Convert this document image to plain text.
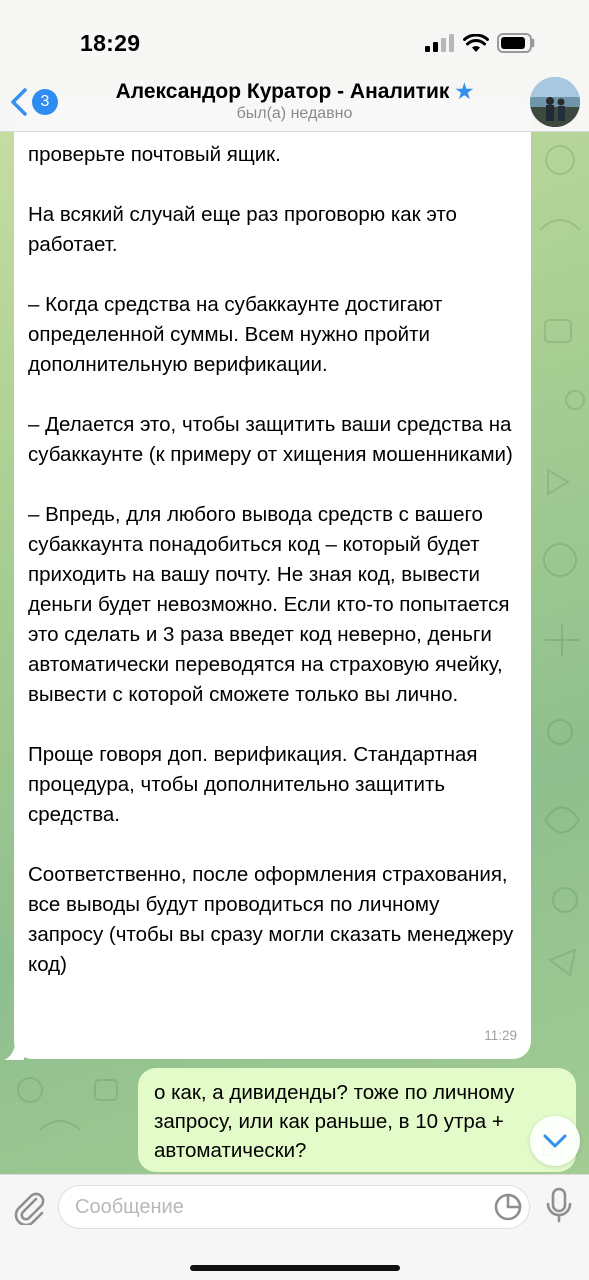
18:29
3	Александор Куратор - Аналитик ★
был(а) недавно

проверьте почтовый ящик.

На всякий случай еще раз проговорю как это работает.

– Когда средства на субаккаунте достигают определенной суммы. Всем нужно пройти дополнительную верификации.

– Делается это, чтобы защитить ваши средства на субаккаунте (к примеру от хищения мошенниками)

– Впредь, для любого вывода средств с вашего субаккаунта понадобиться код – который будет приходить на вашу почту. Не зная код, вывести деньги будет невозможно. Если кто-то попытается это сделать и 3 раза введет код неверно, деньги автоматически переводятся на страховую ячейку, вывести с которой сможете только вы лично.

Проще говоря доп. верификация. Стандартная процедура, чтобы дополнительно защитить средства.

Соответственно, после оформления страхования, все выводы будут проводиться по личному запросу (чтобы вы сразу могли сказать менеджеру код)

11:29
о как, а дивиденды? тоже по личному запросу, или как раньше, в 10 утра + автоматически?
Сообщение
